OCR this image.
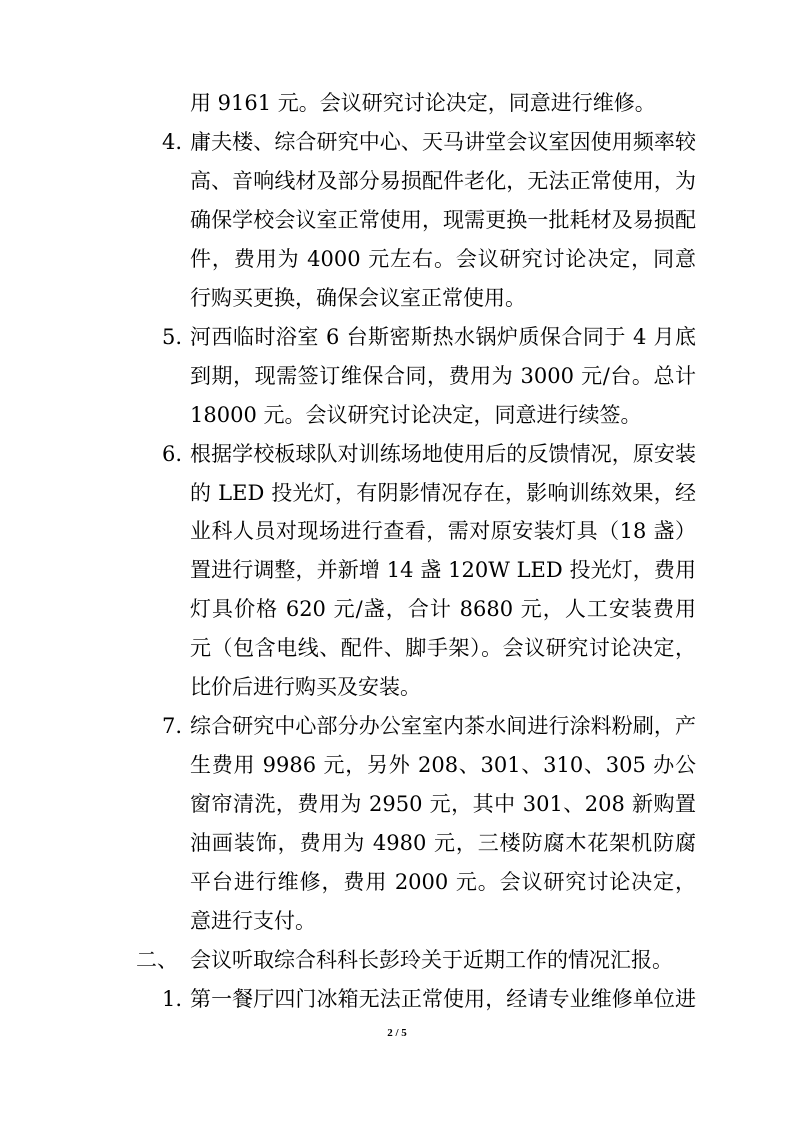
用 9161 元。会议研究讨论决定，同意进行维修。
4. 庸夫楼、综合研究中心、天马讲堂会议室因使用频率较
高、音响线材及部分易损配件老化，无法正常使用，为
确保学校会议室正常使用，现需更换一批耗材及易损配
件，费用为 4000 元左右。会议研究讨论决定，同意
行购买更换，确保会议室正常使用。
5. 河西临时浴室 6 台斯密斯热水锅炉质保合同于 4 月底
到期，现需签订维保合同，费用为 3000 元/台。总计
18000 元。会议研究讨论决定，同意进行续签。
6. 根据学校板球队对训练场地使用后的反馈情况，原安装
的 LED 投光灯，有阴影情况存在，影响训练效果，经
业科人员对现场进行查看，需对原安装灯具（18 盏）
置进行调整，并新增 14 盏 120W LED 投光灯，费用
灯具价格 620 元/盏，合计 8680 元，人工安装费用
元（包含电线、配件、脚手架）。会议研究讨论决定，
比价后进行购买及安装。
7. 综合研究中心部分办公室室内茶水间进行涂料粉刷，产
生费用 9986 元，另外 208、301、310、305 办公
窗帘清洗，费用为 2950 元，其中 301、208 新购置
油画装饰，费用为 4980 元，三楼防腐木花架机防腐
平台进行维修，费用 2000 元。会议研究讨论决定，
意进行支付。
二、 会议听取综合科科长彭玲关于近期工作的情况汇报。
1. 第一餐厅四门冰箱无法正常使用，经请专业维修单位进
2 / 5
